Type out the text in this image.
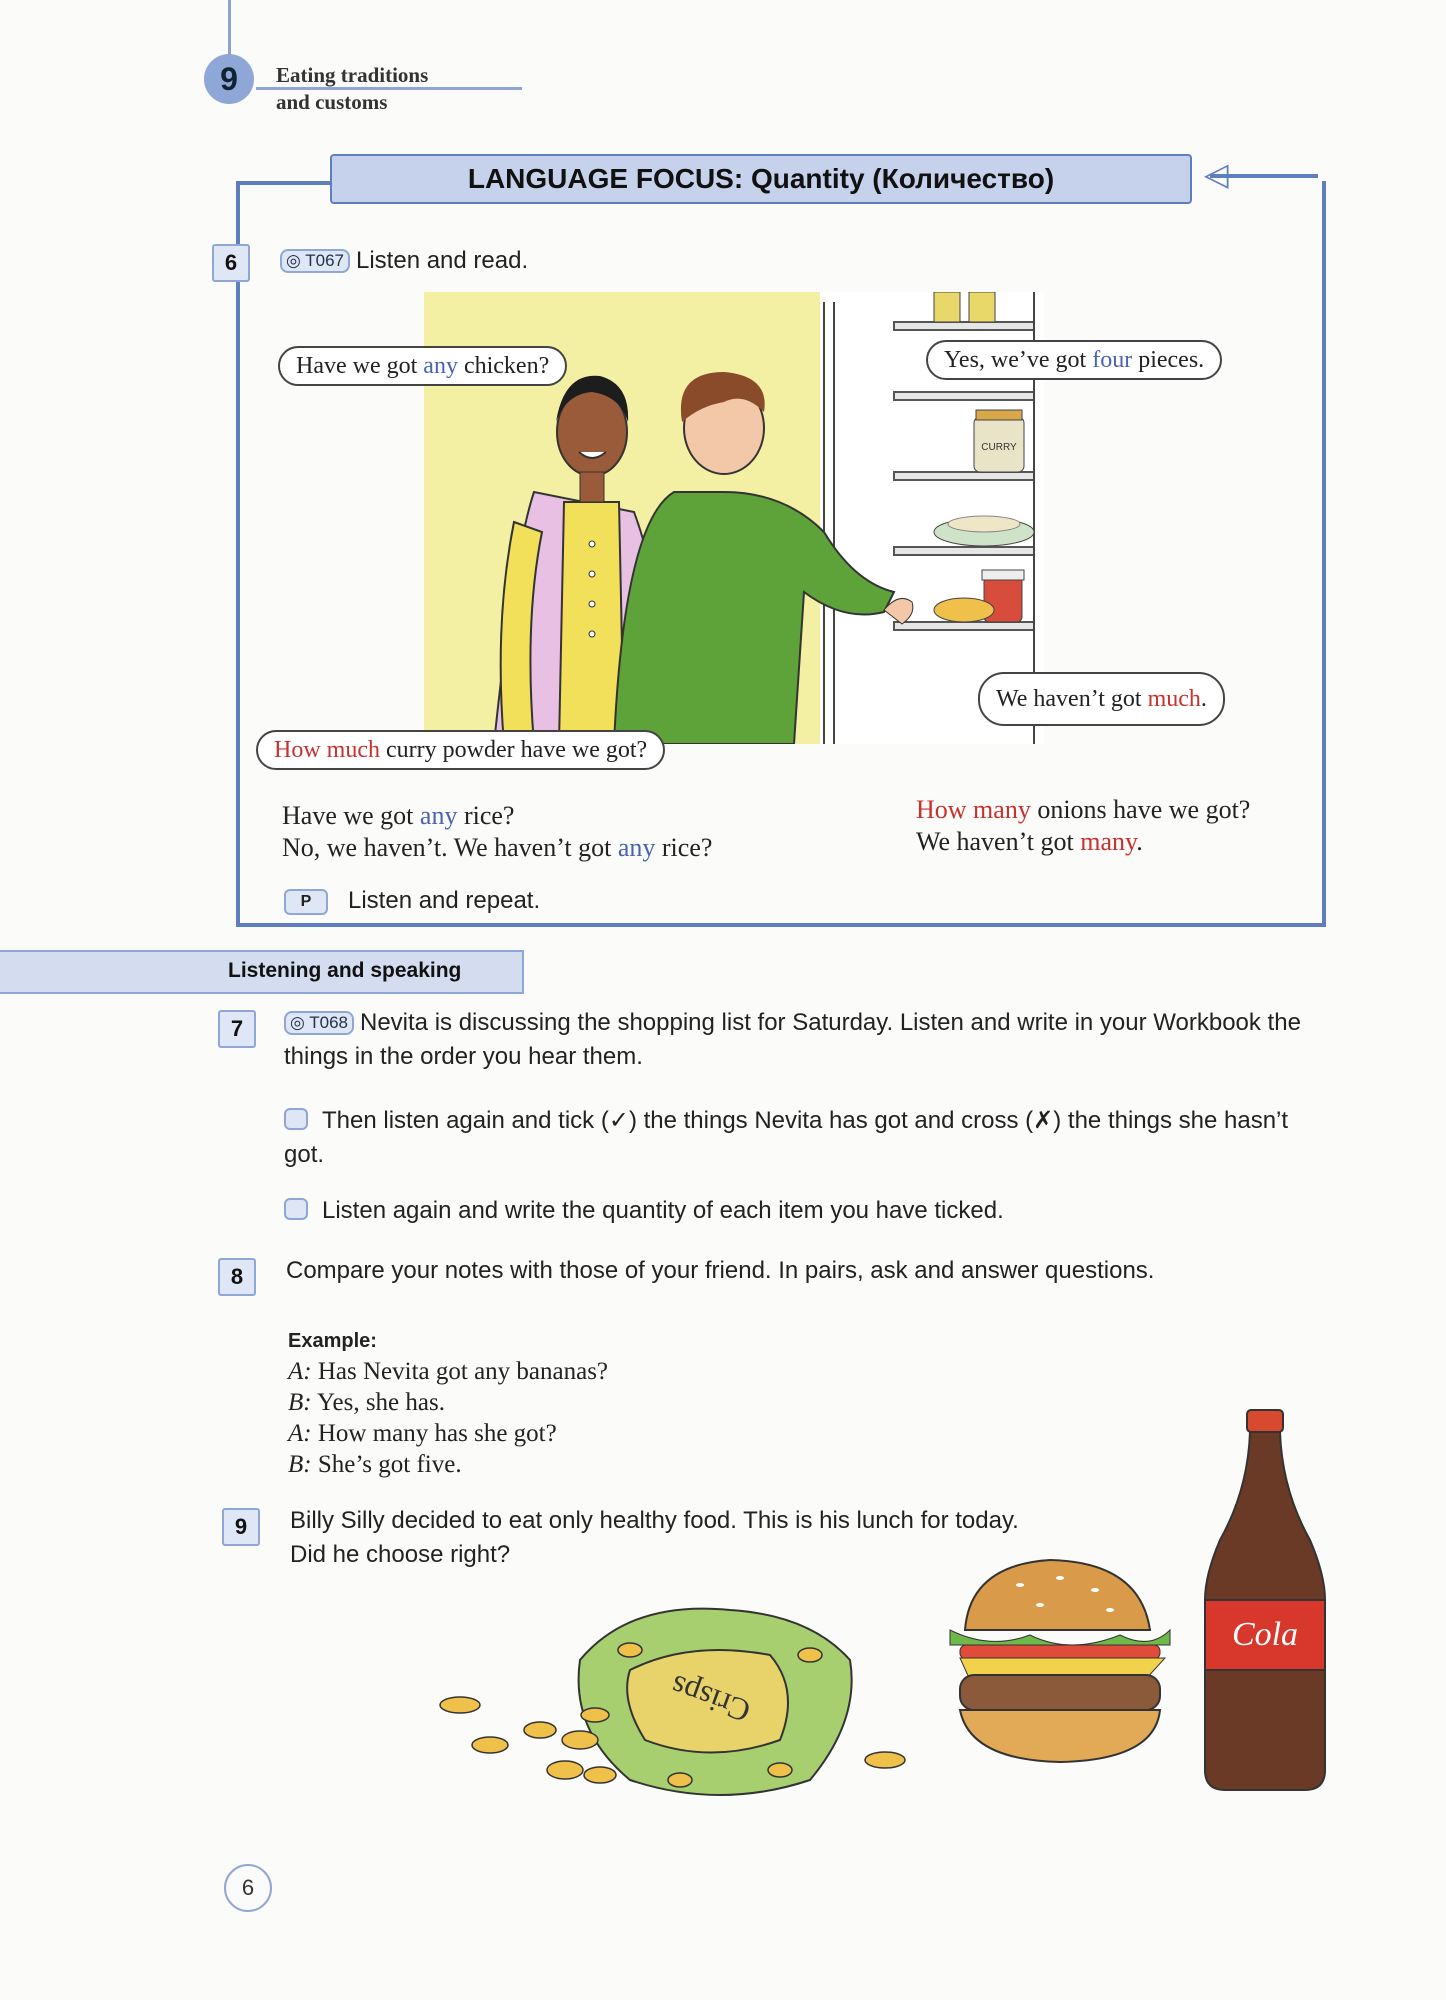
9	Eating traditions
and customs
◁
LANGUAGE FOCUS: Quantity (Количество)
6	◎ T067 Listen and read.
CURRY
Have we got any chicken?	Yes, we’ve got four pieces.
We haven’t got much.
How much curry powder have we got?
Have we got any rice?
No, we haven’t. We haven’t got any rice?
How many onions have we got?
We haven’t got many.
P Listen and repeat.
Listening and speaking
7	◎ T068 Nevita is discussing the shopping list for Saturday. Listen and write in your Workbook the things in the order you hear them.
Then listen again and tick (✓) the things Nevita has got and cross (✗) the things she hasn’t got.
Listen again and write the quantity of each item you have ticked.
8	Compare your notes with those of your friend. In pairs, ask and answer questions.
Example:
A: Has Nevita got any bananas?
B: Yes, she has.
A: How many has she got?
B: She’s got five.
9	Billy Silly decided to eat only healthy food. This is his lunch for today.
Did he choose right?
Crisps
Cola
6
